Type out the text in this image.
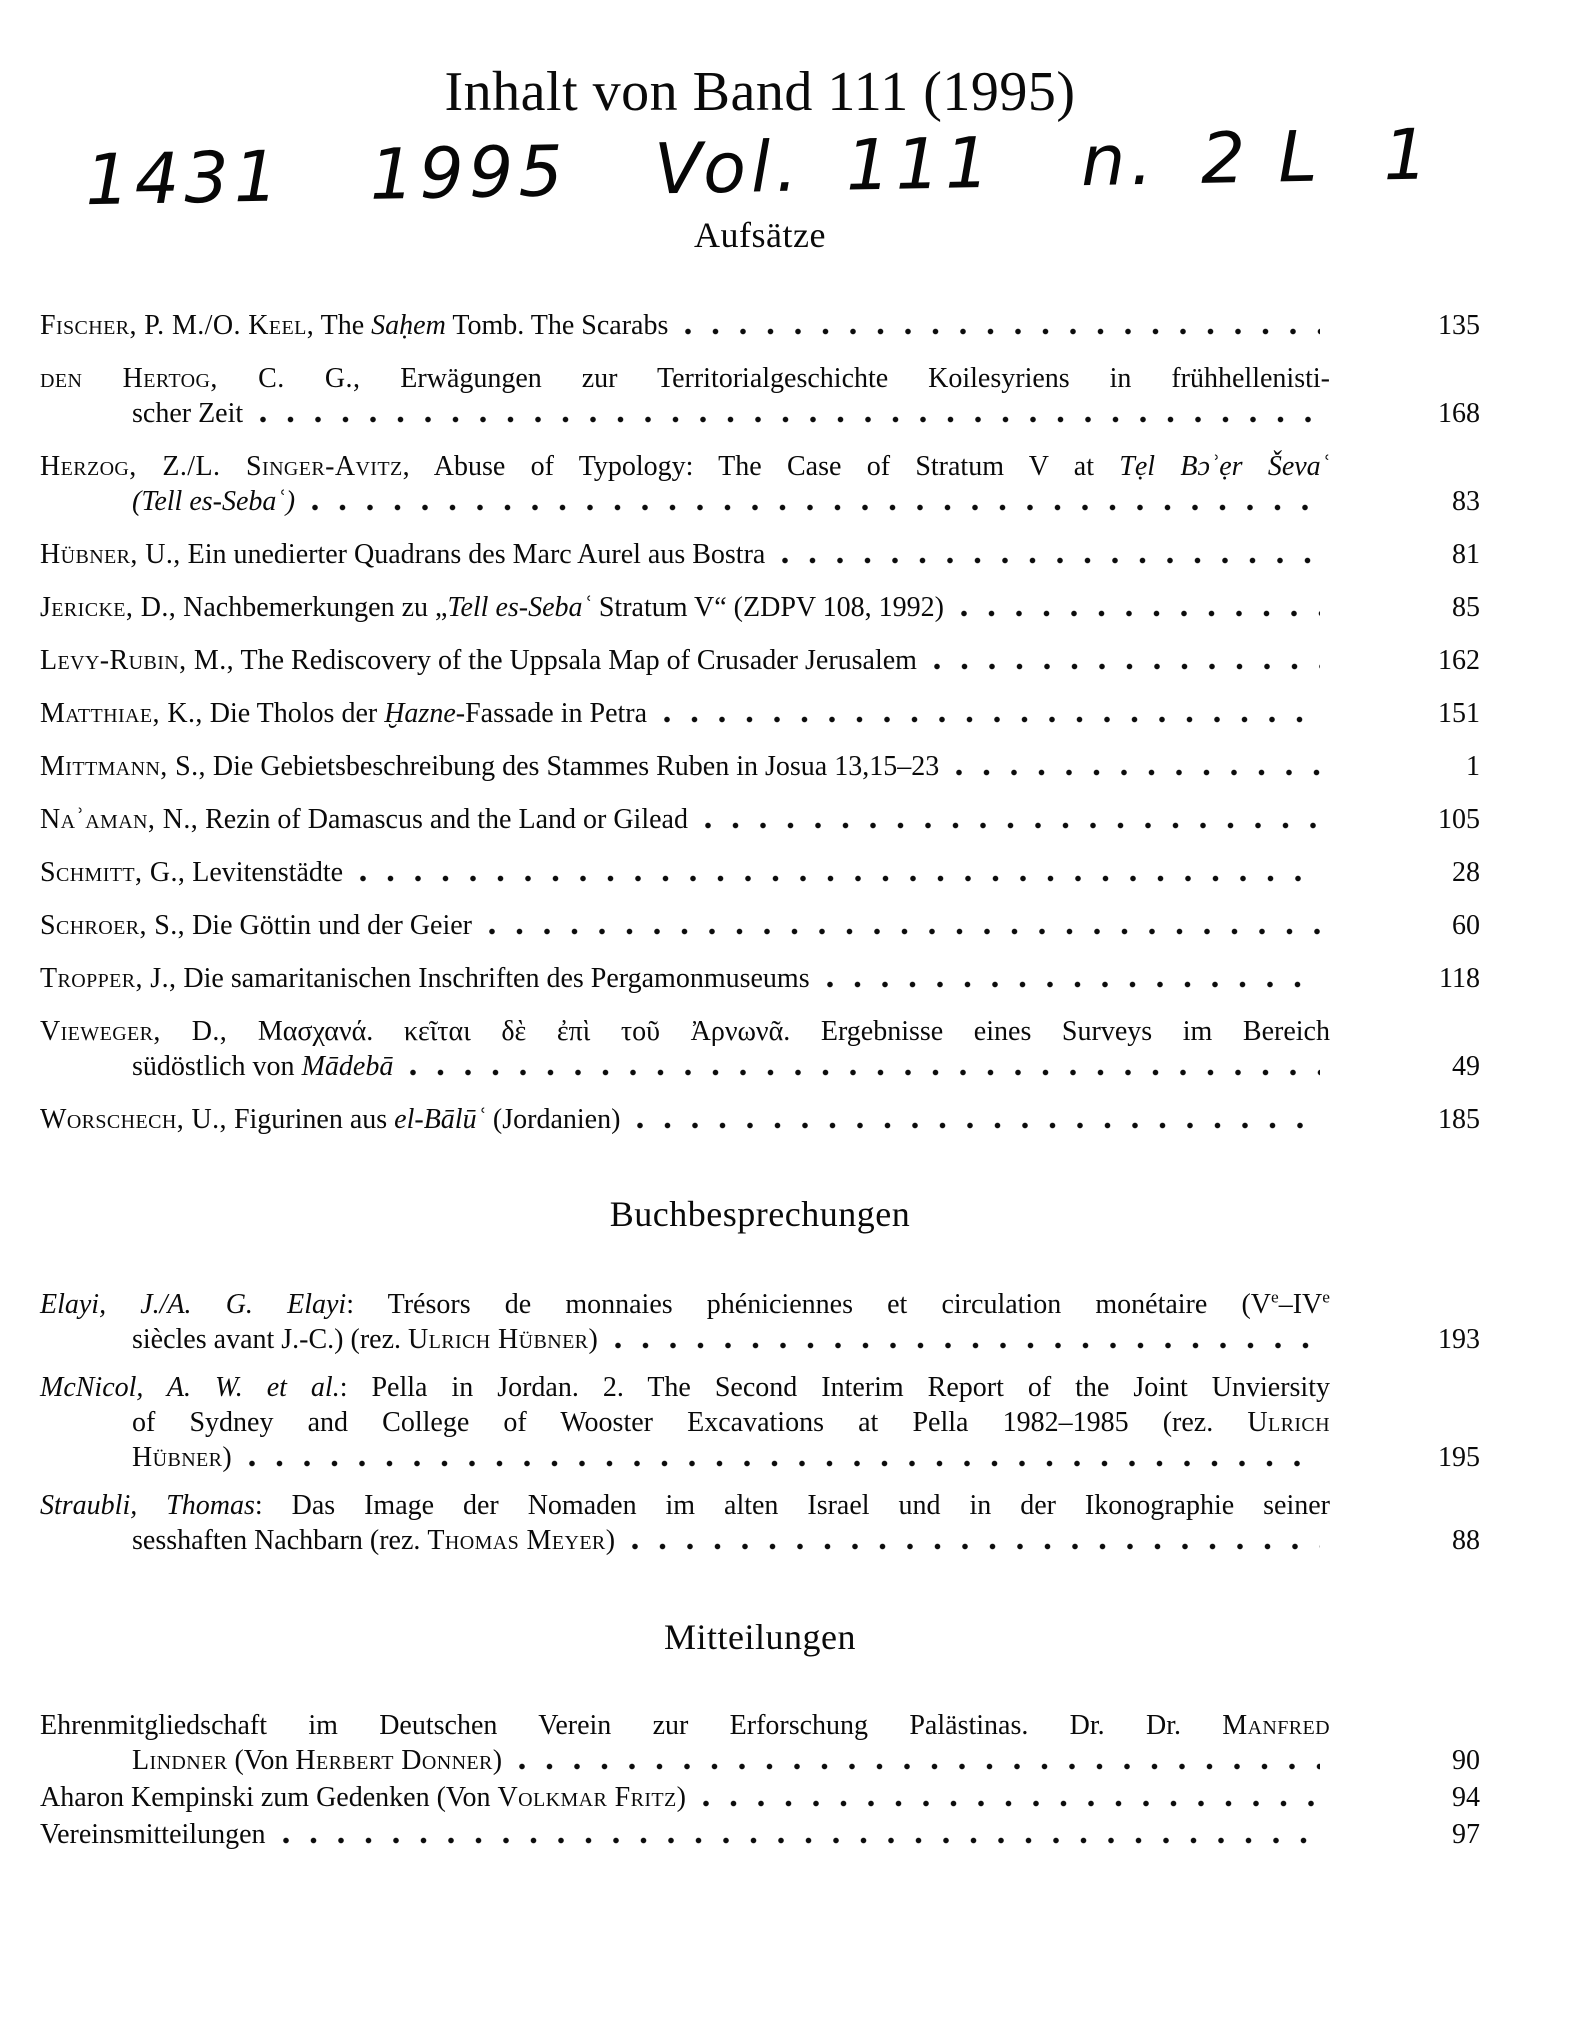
Inhalt von Band 111 (1995)
1431  1995  Vol. 111  n. 2 L 1
Aufsätze
Fischer, P. M./O. Keel, The Saḥem Tomb. The Scarabs	135
den Hertog, C. G., Erwägungen zur Territorialgeschichte Koilesyriens in frühhellenisti-
scher Zeit	168
Herzog, Z./L. Singer-Avitz, Abuse of Typology: The Case of Stratum V at Tẹl Bɔʾẹr Ševaʿ
(Tell es-Sebaʿ)	83
Hübner, U., Ein unedierter Quadrans des Marc Aurel aus Bostra	81
Jericke, D., Nachbemerkungen zu „Tell es-Sebaʿ Stratum V“ (ZDPV 108, 1992)	85
Levy-Rubin, M., The Rediscovery of the Uppsala Map of Crusader Jerusalem	162
Matthiae, K., Die Tholos der Ḫazne-Fassade in Petra	151
Mittmann, S., Die Gebietsbeschreibung des Stammes Ruben in Josua 13,15–23	1
Naʾaman, N., Rezin of Damascus and the Land or Gilead	105
Schmitt, G., Levitenstädte	28
Schroer, S., Die Göttin und der Geier	60
Tropper, J., Die samaritanischen Inschriften des Pergamonmuseums	118
Vieweger, D., Μασχανά. κεῖται δὲ ἐπὶ τοῦ Ἀρνωνᾶ. Ergebnisse eines Surveys im Bereich
südöstlich von Mādebā	49
Worschech, U., Figurinen aus el-Bālūʿ (Jordanien)	185
Buchbesprechungen
Elayi, J./A. G. Elayi: Trésors de monnaies phéniciennes et circulation monétaire (Ve–IVe
siècles avant J.-C.) (rez. Ulrich Hübner)	193
McNicol, A. W. et al.: Pella in Jordan. 2. The Second Interim Report of the Joint Unviersity
of Sydney and College of Wooster Excavations at Pella 1982–1985 (rez. Ulrich
Hübner)	195
Straubli, Thomas: Das Image der Nomaden im alten Israel und in der Ikonographie seiner
sesshaften Nachbarn (rez. Thomas Meyer)	88
Mitteilungen
Ehrenmitgliedschaft im Deutschen Verein zur Erforschung Palästinas. Dr. Dr. Manfred
Lindner (Von Herbert Donner)	90
Aharon Kempinski zum Gedenken (Von Volkmar Fritz)	94
Vereinsmitteilungen	97
